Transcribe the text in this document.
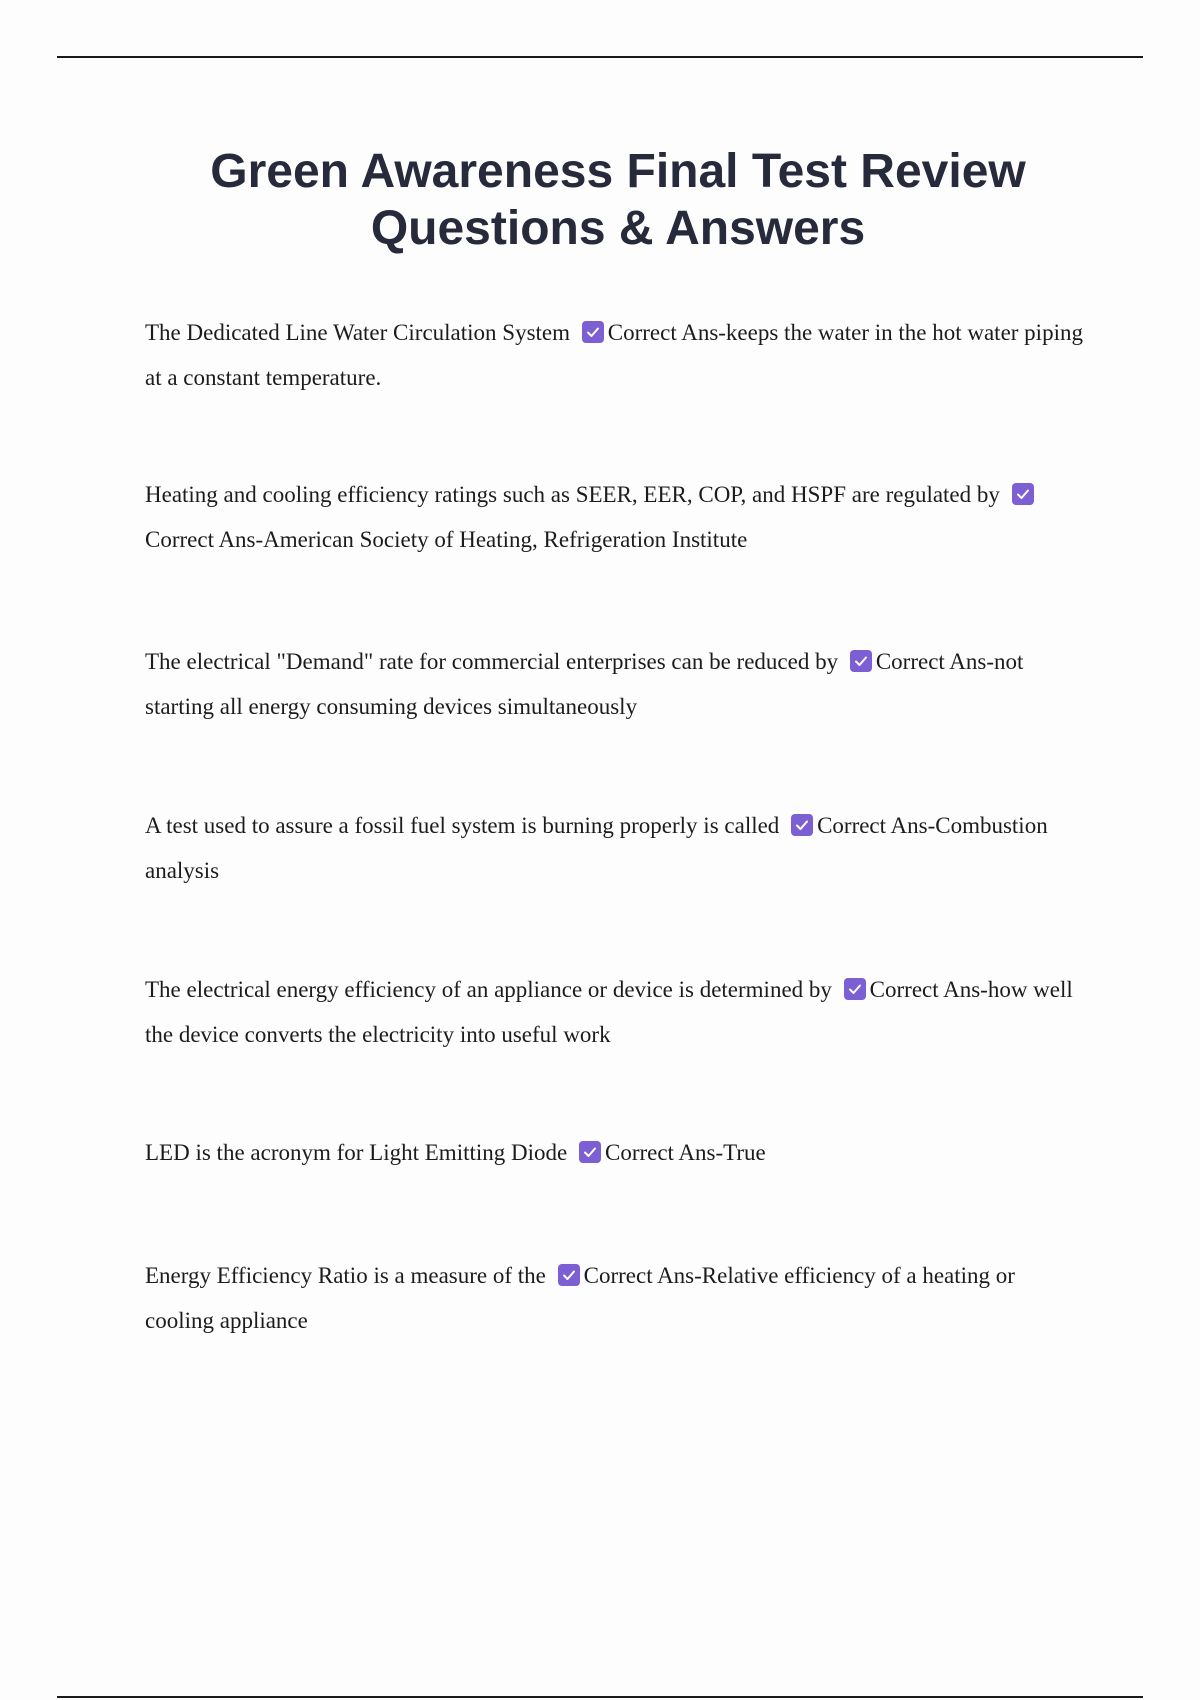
Green Awareness Final Test Review
Questions & Answers
The Dedicated Line Water Circulation System Correct Ans-keeps the water in the hot water piping at a constant temperature.
Heating and cooling efficiency ratings such as SEER, EER, COP, and HSPF are regulated by
Correct Ans-American Society of Heating, Refrigeration Institute
The electrical "Demand" rate for commercial enterprises can be reduced by Correct Ans-not starting all energy consuming devices simultaneously
A test used to assure a fossil fuel system is burning properly is called Correct Ans-Combustion analysis
The electrical energy efficiency of an appliance or device is determined by Correct Ans-how well the device converts the electricity into useful work
LED is the acronym for Light Emitting Diode Correct Ans-True
Energy Efficiency Ratio is a measure of the Correct Ans-Relative efficiency of a heating or cooling appliance
